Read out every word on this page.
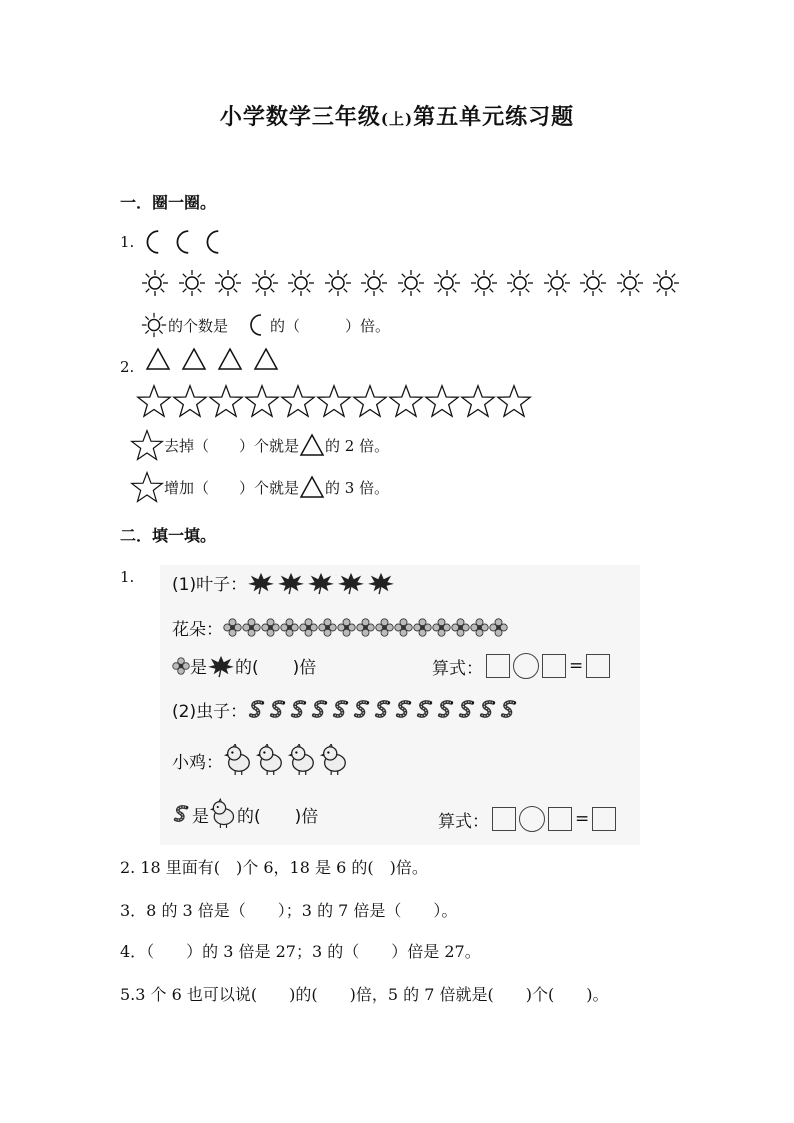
小学数学三年级(上)第五单元练习题
一．圈一圈。
1.
的个数是	的（　　　）倍。
2.
去掉（　　）个就是 的 2 倍。
增加（　　）个就是 的 3 倍。
二．填一填。
1. (1)叶子：
花朵：
是 的(　　)倍	算式：	=
(2)虫子：
小鸡：
是 的(　　)倍	算式：	=
2. 18 里面有(　)个 6，18 是 6 的(　)倍。
3．8 的 3 倍是（　　）；3 的 7 倍是（　　）。
4．（　　）的 3 倍是 27；3 的（　　）倍是 27。
5.3 个 6 也可以说(　　)的(　　)倍，5 的 7 倍就是(　　)个(　　)。
